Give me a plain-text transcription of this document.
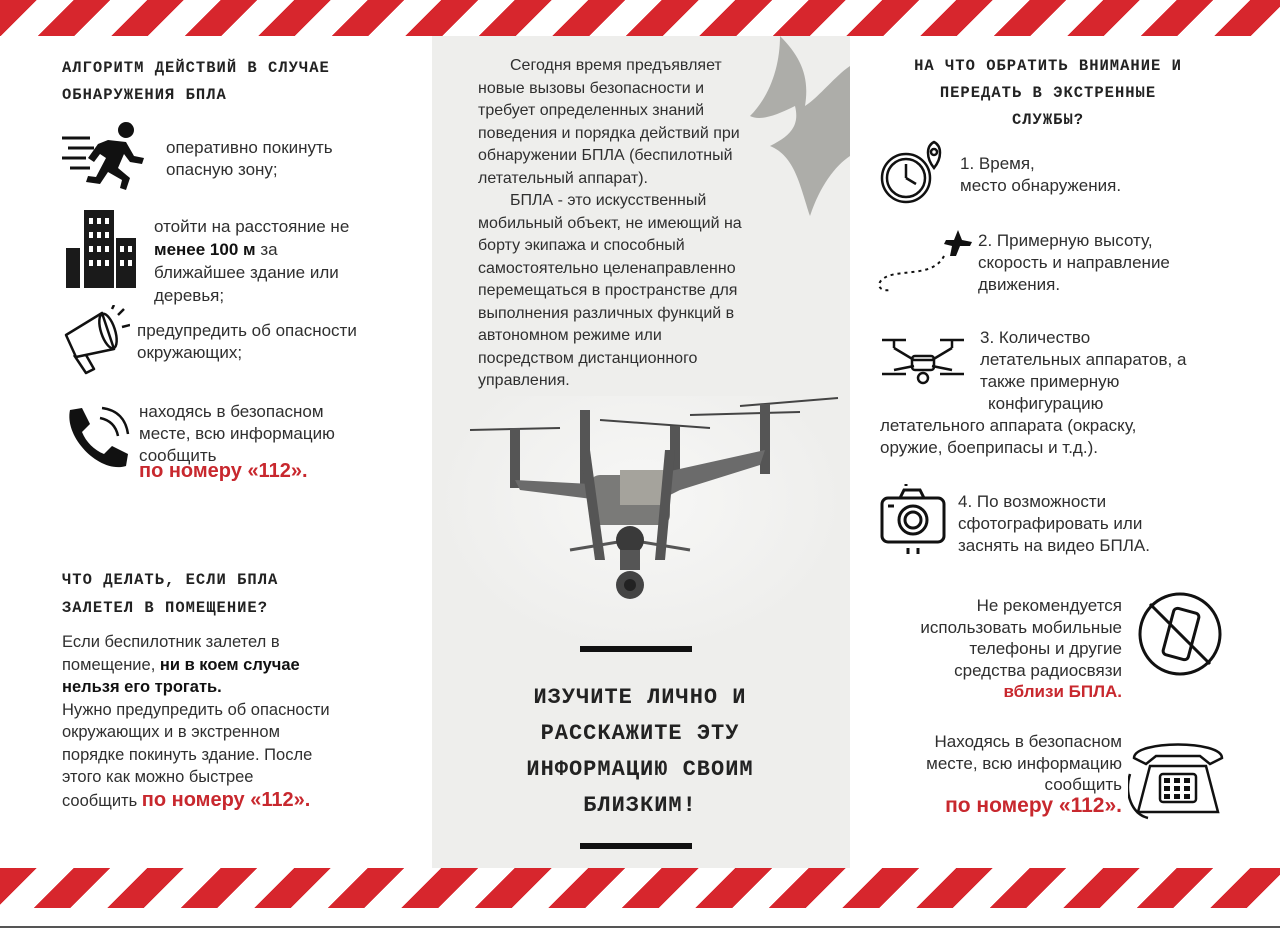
Сегодня время предъявляет
новые вызовы безопасности и
требует определенных знаний
поведения и порядка действий при
обнаружении БПЛА (беспилотный
летательный аппарат).

БПЛА - это искусственный
мобильный объект, не имеющий на
борту экипажа и способный
самостоятельно целенаправленно
перемещаться в пространстве для
выполнения различных функций в
автономном режиме или
посредством дистанционного
управления.

ИЗУЧИТЕ ЛИЧНО И
РАССКАЖИТЕ ЭТУ
ИНФОРМАЦИЮ СВОИМ
БЛИЗКИМ!
АЛГОРИТМ ДЕЙСТВИЙ В СЛУЧАЕ
ОБНАРУЖЕНИЯ БПЛА
оперативно покинуть
опасную зону;
отойти на расстояние не
менее 100 м за
ближайшее здание или
деревья;
предупредить об опасности
окружающих;
находясь в безопасном
месте, всю информацию
сообщить
по номеру «112».
ЧТО ДЕЛАТЬ, ЕСЛИ БПЛА
ЗАЛЕТЕЛ В ПОМЕЩЕНИЕ?
Если беспилотник залетел в
помещение, ни в коем случае
нельзя его трогать.
Нужно предупредить об опасности
окружающих и в экстренном
порядке покинуть здание. После
этого как можно быстрее
сообщить по номеру «112».
НА ЧТО ОБРАТИТЬ ВНИМАНИЕ И
ПЕРЕДАТЬ В ЭКСТРЕННЫЕ
СЛУЖБЫ?
1. Время,
место обнаружения.
2. Примерную высоту,
скорость и направление
движения.
3. Количество
летательных аппаратов, а
также примерную
конфигурацию
летательного аппарата (окраску,
оружие, боеприпасы и т.д.).
4. По возможности
сфотографировать или
заснять на видео БПЛА.
Не рекомендуется
использовать мобильные
телефоны и другие
средства радиосвязи
вблизи БПЛА.
Находясь в безопасном
месте, всю информацию
сообщить
по номеру «112».
